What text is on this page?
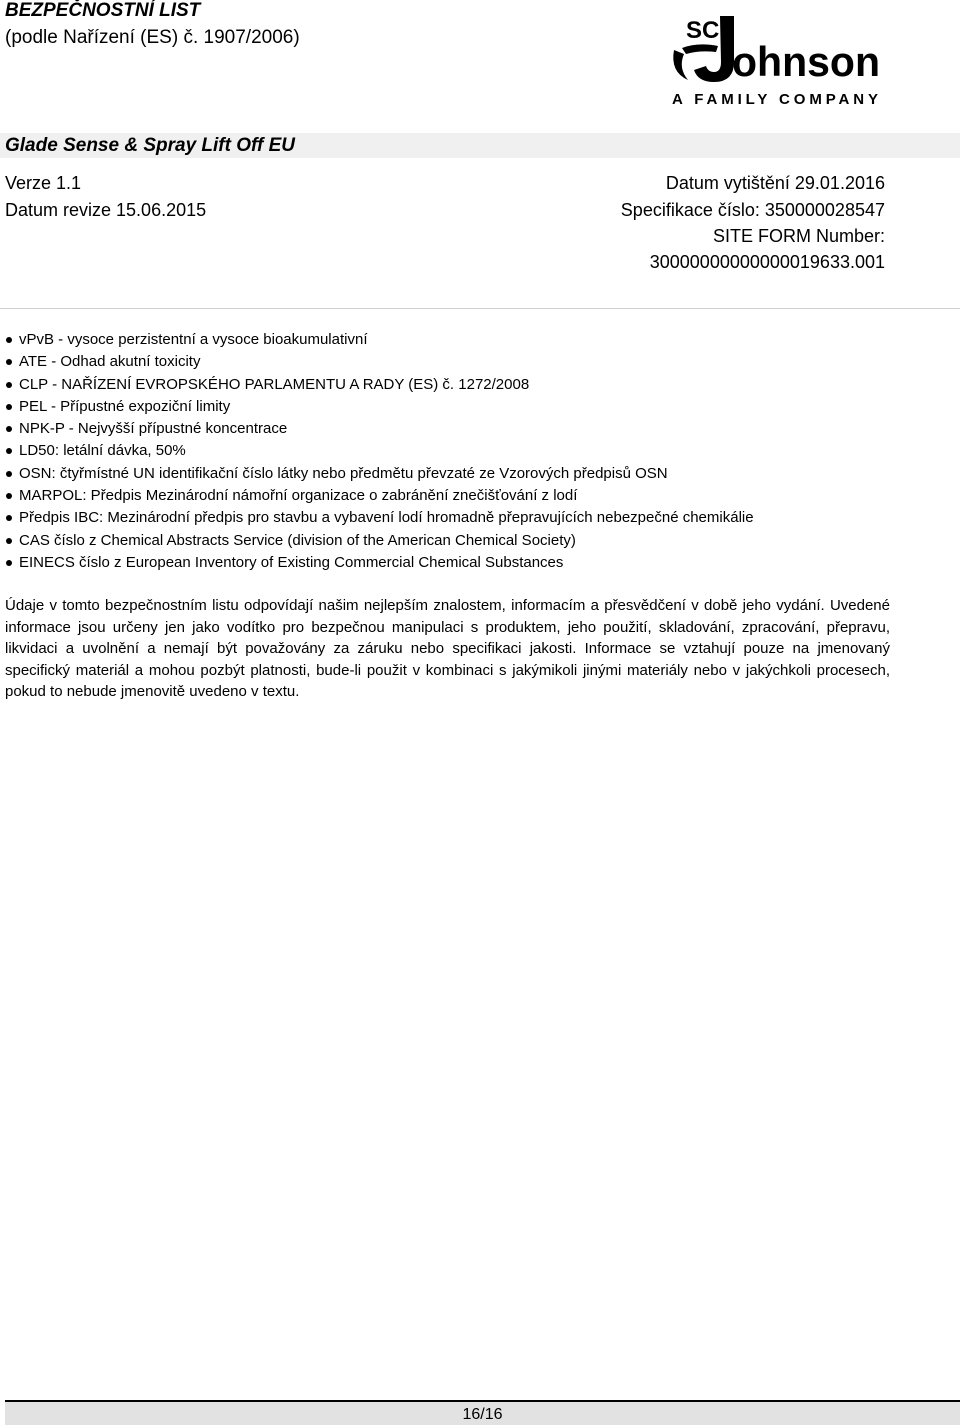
BEZPEČNOSTNÍ LIST
(podle Nařízení (ES) č. 1907/2006)	SC
ohnson
A FAMILY COMPANY
Glade Sense & Spray Lift Off EU
Verze 1.1	Datum vytištění 29.01.2016
Datum revize 15.06.2015	Specifikace číslo: 350000028547
SITE FORM Number:
30000000000000019633.001
vPvB - vysoce perzistentní a vysoce bioakumulativní
ATE - Odhad akutní toxicity
CLP - NAŘÍZENÍ EVROPSKÉHO PARLAMENTU A RADY (ES) č. 1272/2008
PEL - Přípustné expoziční limity
NPK-P - Nejvyšší přípustné koncentrace
LD50: letální dávka, 50%
OSN: čtyřmístné UN identifikační číslo látky nebo předmětu převzaté ze Vzorových předpisů OSN
MARPOL: Předpis Mezinárodní námořní organizace o zabránění znečišťování z lodí
Předpis IBC: Mezinárodní předpis pro stavbu a vybavení lodí hromadně přepravujících nebezpečné chemikálie
CAS číslo z Chemical Abstracts Service (division of the American Chemical Society)
EINECS číslo z European Inventory of Existing Commercial Chemical Substances

Údaje v tomto bezpečnostním listu odpovídají našim nejlepším znalostem, informacím a přesvědčení v době jeho vydání. Uvedené informace jsou určeny jen jako vodítko pro bezpečnou manipulaci s produktem, jeho použití, skladování, zpracování, přepravu, likvidaci a uvolnění a nemají být považovány za záruku nebo specifikaci jakosti. Informace se vztahují pouze na jmenovaný specifický materiál a mohou pozbýt platnosti, bude-li použit v kombinaci s jakýmikoli jinými materiály nebo v jakýchkoli procesech, pokud to nebude jmenovitě uvedeno v textu.

16/16
